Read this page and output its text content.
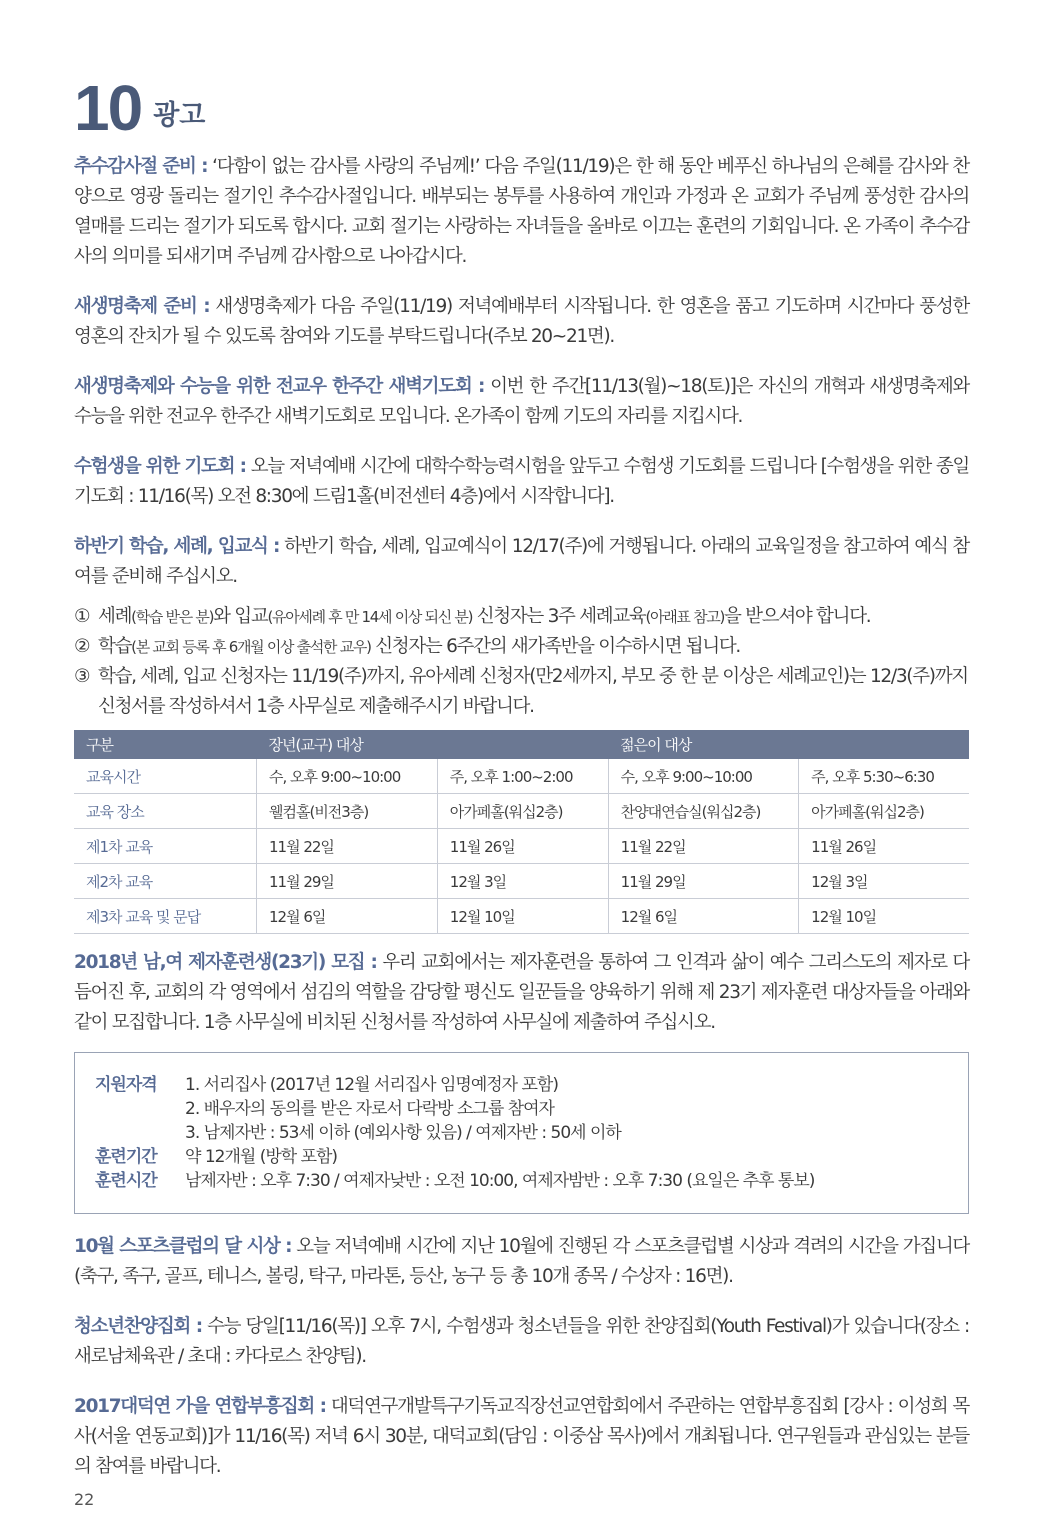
10 광고

추수감사절 준비 : ‘다함이 없는 감사를 사랑의 주님께!’ 다음 주일(11/19)은 한 해 동안 베푸신 하나님의 은혜를 감사와 찬양으로 영광 돌리는 절기인 추수감사절입니다. 배부되는 봉투를 사용하여 개인과 가정과 온 교회가 주님께 풍성한 감사의 열매를 드리는 절기가 되도록 합시다. 교회 절기는 사랑하는 자녀들을 올바로 이끄는 훈련의 기회입니다. 온 가족이 추수감사의 의미를 되새기며 주님께 감사함으로 나아갑시다.

새생명축제 준비 : 새생명축제가 다음 주일(11/19) 저녁예배부터 시작됩니다. 한 영혼을 품고 기도하며 시간마다 풍성한 영혼의 잔치가 될 수 있도록 참여와 기도를 부탁드립니다(주보 20~21면).

새생명축제와 수능을 위한 전교우 한주간 새벽기도회 : 이번 한 주간[11/13(월)~18(토)]은 자신의 개혁과 새생명축제와 수능을 위한 전교우 한주간 새벽기도회로 모입니다. 온가족이 함께 기도의 자리를 지킵시다.

수험생을 위한 기도회 : 오늘 저녁예배 시간에 대학수학능력시험을 앞두고 수험생 기도회를 드립니다 [수험생을 위한 종일기도회 : 11/16(목) 오전 8:30에 드림1홀(비전센터 4층)에서 시작합니다].

하반기 학습, 세례, 입교식 : 하반기 학습, 세례, 입교예식이 12/17(주)에 거행됩니다. 아래의 교육일정을 참고하여 예식 참여를 준비해 주십시오.

① 세례(학습 받은 분)와 입교(유아세례 후 만 14세 이상 되신 분) 신청자는 3주 세례교육(아래표 참고)을 받으셔야 합니다.
② 학습(본 교회 등록 후 6개월 이상 출석한 교우) 신청자는 6주간의 새가족반을 이수하시면 됩니다.
③ 학습, 세례, 입교 신청자는 11/19(주)까지, 유아세례 신청자(만2세까지, 부모 중 한 분 이상은 세례교인)는 12/3(주)까지 신청서를 작성하셔서 1층 사무실로 제출해주시기 바랍니다.
구분	장년(교구) 대상		젊은이 대상	
교육시간	수, 오후 9:00~10:00	주, 오후 1:00~2:00	수, 오후 9:00~10:00	주, 오후 5:30~6:30
교육 장소	웰컴홀(비전3층)	아가페홀(워십2층)	찬양대연습실(워십2층)	아가페홀(워십2층)
제1차 교육	11월 22일	11월 26일	11월 22일	11월 26일
제2차 교육	11월 29일	12월 3일	11월 29일	12월 3일
제3차 교육 및 문답	12월 6일	12월 10일	12월 6일	12월 10일

2018년 남,여 제자훈련생(23기) 모집 : 우리 교회에서는 제자훈련을 통하여 그 인격과 삶이 예수 그리스도의 제자로 다듬어진 후, 교회의 각 영역에서 섬김의 역할을 감당할 평신도 일꾼들을 양육하기 위해 제 23기 제자훈련 대상자들을 아래와 같이 모집합니다. 1층 사무실에 비치된 신청서를 작성하여 사무실에 제출하여 주십시오.

지원자격	1. 서리집사 (2017년 12월 서리집사 임명예정자 포함)
2. 배우자의 동의를 받은 자로서 다락방 소그룹 참여자
3. 남제자반 : 53세 이하 (예외사항 있음) / 여제자반 : 50세 이하
훈련기간	약 12개월 (방학 포함)
훈련시간	남제자반 : 오후 7:30 / 여제자낮반 : 오전 10:00, 여제자밤반 : 오후 7:30 (요일은 추후 통보)

10월 스포츠클럽의 달 시상 : 오늘 저녁예배 시간에 지난 10월에 진행된 각 스포츠클럽별 시상과 격려의 시간을 가집니다(축구, 족구, 골프, 테니스, 볼링, 탁구, 마라톤, 등산, 농구 등 총 10개 종목 / 수상자 : 16면).

청소년찬양집회 : 수능 당일[11/16(목)] 오후 7시, 수험생과 청소년들을 위한 찬양집회(Youth Festival)가 있습니다(장소 : 새로남체육관 / 초대 : 카다로스 찬양팀).

2017대덕연 가을 연합부흥집회 : 대덕연구개발특구기독교직장선교연합회에서 주관하는 연합부흥집회 [강사 : 이성희 목사(서울 연동교회)]가 11/16(목) 저녁 6시 30분, 대덕교회(담임 : 이중삼 목사)에서 개최됩니다. 연구원들과 관심있는 분들의 참여를 바랍니다.

22
